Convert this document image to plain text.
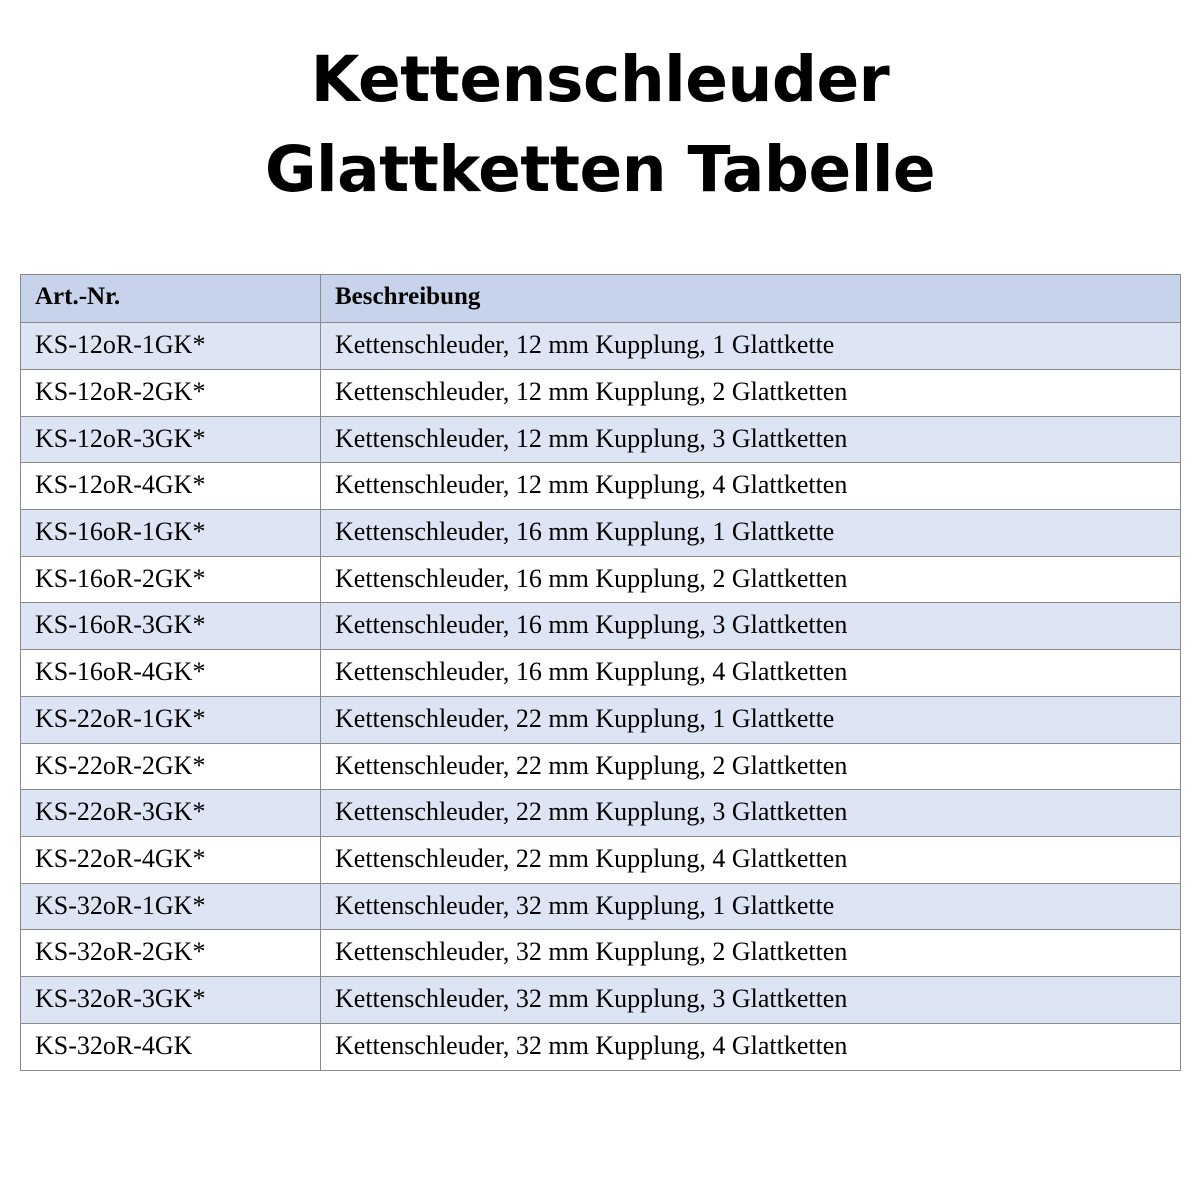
Kettenschleuder
Glattketten Tabelle
Art.-Nr.	Beschreibung
KS-12oR-1GK*	Kettenschleuder, 12 mm Kupplung, 1 Glattkette
KS-12oR-2GK*	Kettenschleuder, 12 mm Kupplung, 2 Glattketten
KS-12oR-3GK*	Kettenschleuder, 12 mm Kupplung, 3 Glattketten
KS-12oR-4GK*	Kettenschleuder, 12 mm Kupplung, 4 Glattketten
KS-16oR-1GK*	Kettenschleuder, 16 mm Kupplung, 1 Glattkette
KS-16oR-2GK*	Kettenschleuder, 16 mm Kupplung, 2 Glattketten
KS-16oR-3GK*	Kettenschleuder, 16 mm Kupplung, 3 Glattketten
KS-16oR-4GK*	Kettenschleuder, 16 mm Kupplung, 4 Glattketten
KS-22oR-1GK*	Kettenschleuder, 22 mm Kupplung, 1 Glattkette
KS-22oR-2GK*	Kettenschleuder, 22 mm Kupplung, 2 Glattketten
KS-22oR-3GK*	Kettenschleuder, 22 mm Kupplung, 3 Glattketten
KS-22oR-4GK*	Kettenschleuder, 22 mm Kupplung, 4 Glattketten
KS-32oR-1GK*	Kettenschleuder, 32 mm Kupplung, 1 Glattkette
KS-32oR-2GK*	Kettenschleuder, 32 mm Kupplung, 2 Glattketten
KS-32oR-3GK*	Kettenschleuder, 32 mm Kupplung, 3 Glattketten
KS-32oR-4GK	Kettenschleuder, 32 mm Kupplung, 4 Glattketten
